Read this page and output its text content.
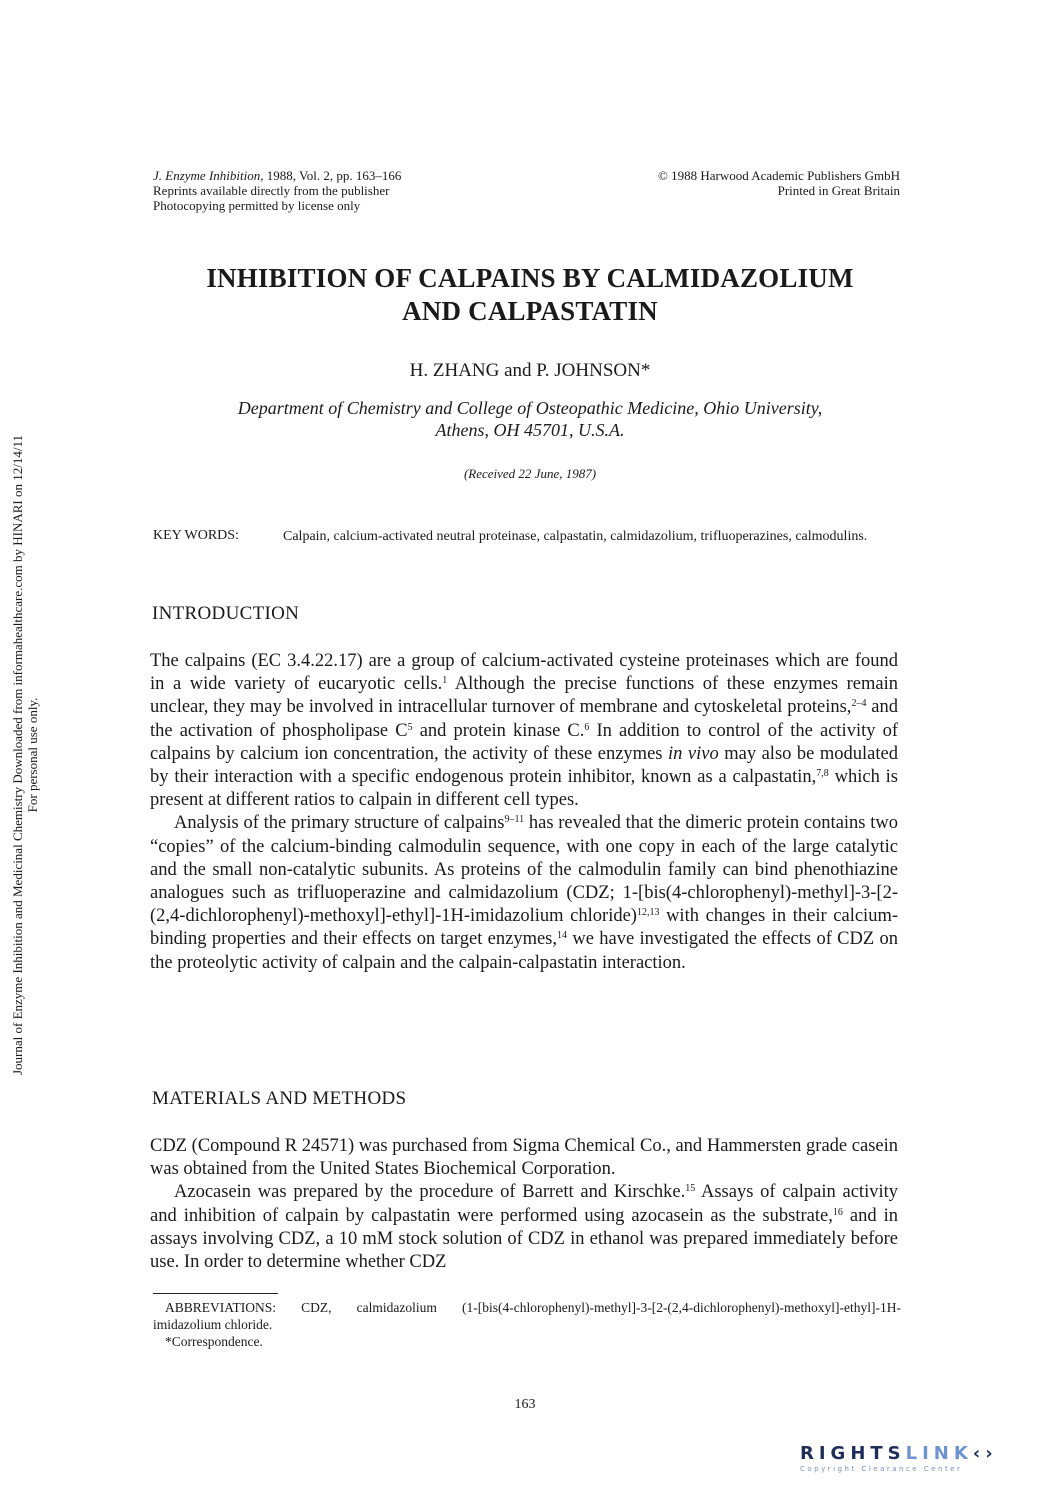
J. Enzyme Inhibition, 1988, Vol. 2, pp. 163–166
Reprints available directly from the publisher
Photocopying permitted by license only
© 1988 Harwood Academic Publishers GmbH
Printed in Great Britain
INHIBITION OF CALPAINS BY CALMIDAZOLIUM
AND CALPASTATIN
H. ZHANG and P. JOHNSON*
Department of Chemistry and College of Osteopathic Medicine, Ohio University,
Athens, OH 45701, U.S.A.
(Received 22 June, 1987)
KEY WORDS:	Calpain, calcium-activated neutral proteinase, calpastatin, calmidazolium, trifluoperazines, calmodulins.
INTRODUCTION

The calpains (EC 3.4.22.17) are a group of calcium-activated cysteine proteinases which are found in a wide variety of eucaryotic cells.$^1$ Although the precise functions of these enzymes remain unclear, they may be involved in intracellular turnover of membrane and cytoskeletal proteins,$^{2-4}$ and the activation of phospholipase $C^5$ and protein kinase C.$^6$ In addition to control of the activity of calpains by calcium ion concentration, the activity of these enzymes in vivo may also be modulated by their interaction with a specific endogenous protein inhibitor, known as a calpastatin,$^{7,8}$ which is present at different ratios to calpain in different cell types.

Analysis of the primary structure of calpains$^{9-11}$ has revealed that the dimeric protein contains two “copies” of the calcium-binding calmodulin sequence, with one copy in each of the large catalytic and the small non-catalytic subunits. As proteins of the calmodulin family can bind phenothiazine analogues such as trifluoperazine and calmidazolium (CDZ; 1-[bis(4-chlorophenyl)-methyl]-3-[2-(2,4-dichlorophenyl)-methoxyl]-ethyl]-1H-imidazolium chloride)$^{12,13}$ with changes in their calcium-binding properties and their effects on target enzymes,$^{14}$ we have investigated the effects of CDZ on the proteolytic activity of calpain and the calpain-calpastatin interaction.

MATERIALS AND METHODS

CDZ (Compound R 24571) was purchased from Sigma Chemical Co., and Hammersten grade casein was obtained from the United States Biochemical Corporation.

Azocasein was prepared by the procedure of Barrett and Kirschke.$^{15}$ Assays of calpain activity and inhibition of calpain by calpastatin were performed using azocasein as the substrate,$^{16}$ and in assays involving CDZ, a 10 mM stock solution of CDZ in ethanol was prepared immediately before use. In order to determine whether CDZ

ABBREVIATIONS: CDZ, calmidazolium (1-[bis(4-chlorophenyl)-methyl]-3-[2-(2,4-dichlorophenyl)-methoxyl]-ethyl]-1H-imidazolium chloride.

*Correspondence.

163
Journal of Enzyme Inhibition and Medicinal Chemistry Downloaded from informahealthcare.com by HINARI on 12/14/11 For personal use only.
RIGHTSLINK‹›
Copyright Clearance Center
